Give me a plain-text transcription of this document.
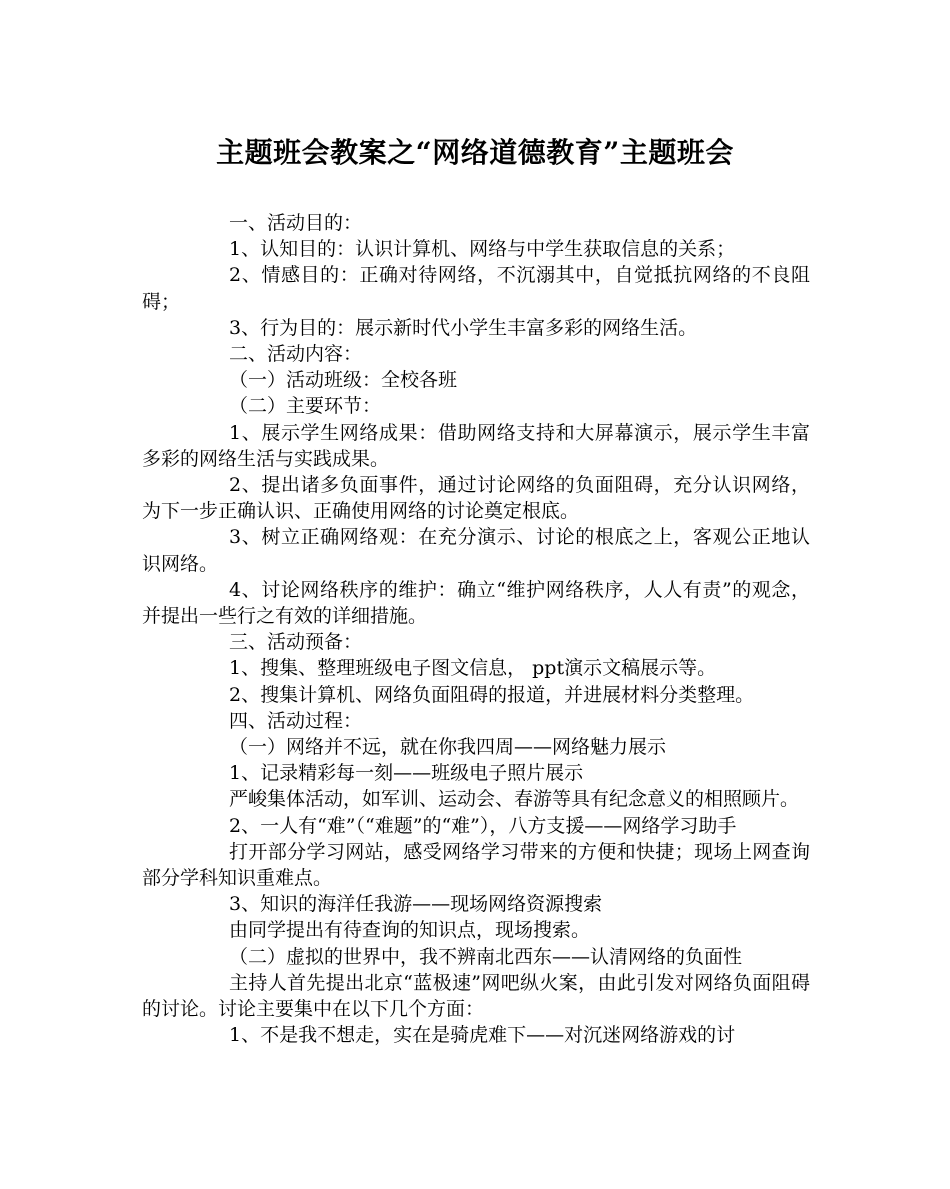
主题班会教案之“网络道德教育”主题班会

一、活动目的：

1、认知目的：认识计算机、网络与中学生获取信息的关系；

2、情感目的：正确对待网络，不沉溺其中，自觉抵抗网络的不良阻碍；

3、行为目的：展示新时代小学生丰富多彩的网络生活。

二、活动内容：

（一）活动班级：全校各班

（二）主要环节：

1、展示学生网络成果：借助网络支持和大屏幕演示，展示学生丰富多彩的网络生活与实践成果。

2、提出诸多负面事件，通过讨论网络的负面阻碍，充分认识网络，为下一步正确认识、正确使用网络的讨论奠定根底。

3、树立正确网络观：在充分演示、讨论的根底之上，客观公正地认识网络。

4、讨论网络秩序的维护：确立“维护网络秩序，人人有责”的观念，并提出一些行之有效的详细措施。

三、活动预备：

1、搜集、整理班级电子图文信息， ppt演示文稿展示等。

2、搜集计算机、网络负面阻碍的报道，并进展材料分类整理。

四、活动过程：

（一）网络并不远，就在你我四周——网络魅力展示

1、记录精彩每一刻——班级电子照片展示

严峻集体活动，如军训、运动会、春游等具有纪念意义的相照顾片。

2、一人有“难”（“难题”的“难”），八方支援——网络学习助手

打开部分学习网站，感受网络学习带来的方便和快捷；现场上网查询部分学科知识重难点。

3、知识的海洋任我游——现场网络资源搜索

由同学提出有待查询的知识点，现场搜索。

（二）虚拟的世界中，我不辨南北西东——认清网络的负面性

主持人首先提出北京“蓝极速”网吧纵火案，由此引发对网络负面阻碍的讨论。讨论主要集中在以下几个方面：

1、不是我不想走，实在是骑虎难下——对沉迷网络游戏的讨
